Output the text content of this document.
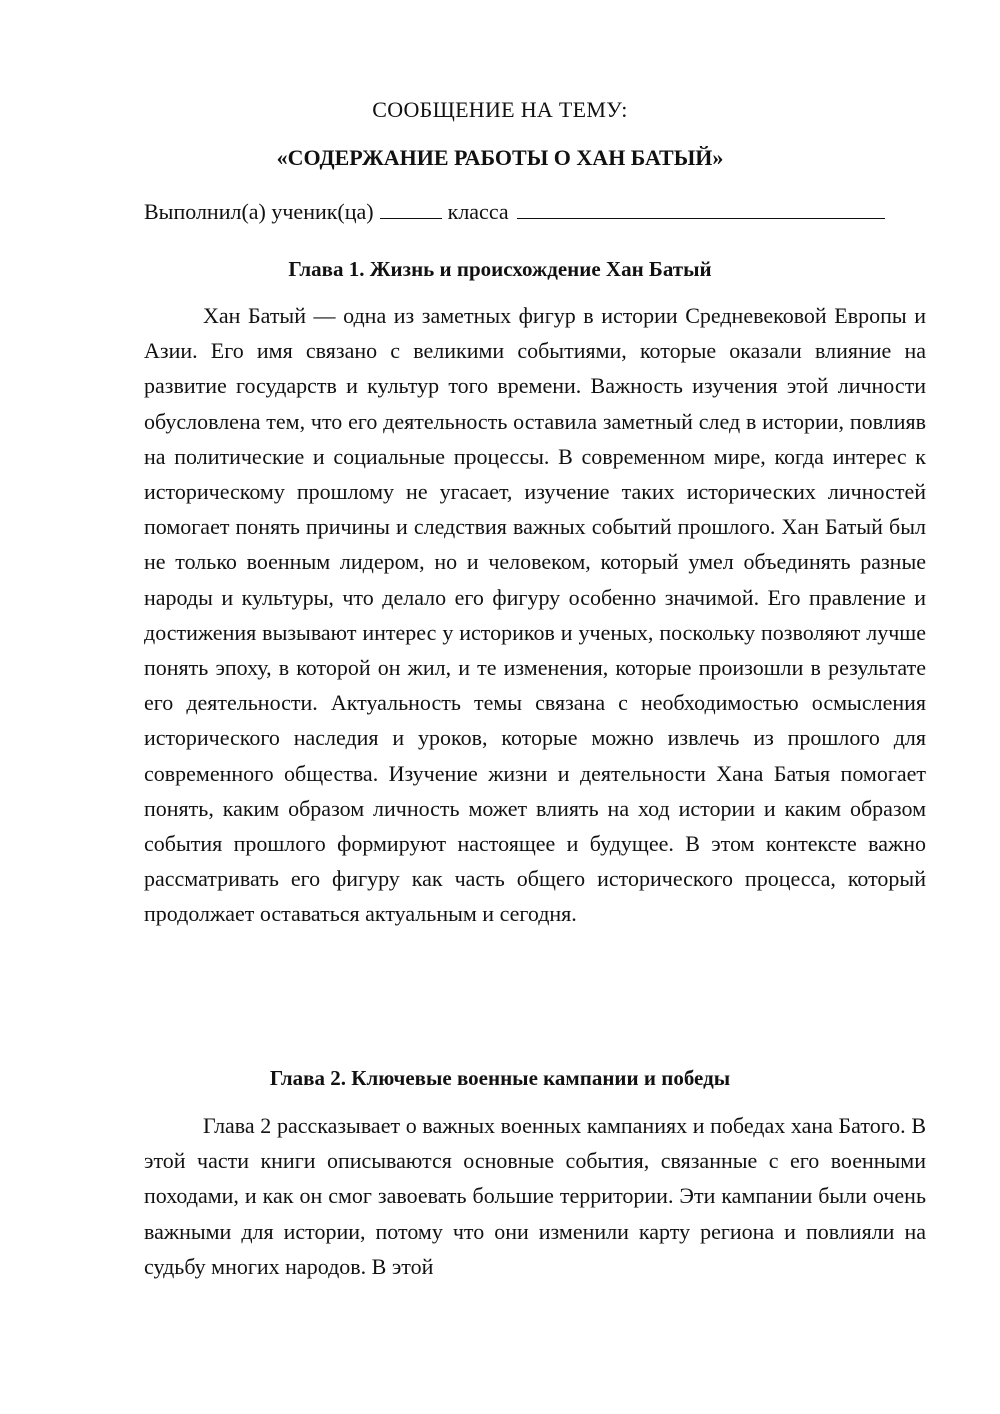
СООБЩЕНИЕ НА ТЕМУ:
«СОДЕРЖАНИЕ РАБОТЫ О ХАН БАТЫЙ»
Выполнил(а) ученик(ца)	класса
Глава 1. Жизнь и происхождение Хан Батый

Хан Батый — одна из заметных фигур в истории Средневековой Европы и Азии. Его имя связано с великими событиями, которые оказали влияние на развитие государств и культур того времени. Важность изучения этой личности обусловлена тем, что его деятельность оставила заметный след в истории, повлияв на политические и социальные процессы. В современном мире, когда интерес к историческому прошлому не угасает, изучение таких исторических личностей помогает понять причины и следствия важных событий прошлого. Хан Батый был не только военным лидером, но и человеком, который умел объединять разные народы и культуры, что делало его фигуру особенно значимой. Его правление и достижения вызывают интерес у историков и ученых, поскольку позволяют лучше понять эпоху, в которой он жил, и те изменения, которые произошли в результате его деятельности. Актуальность темы связана с необходимостью осмысления исторического наследия и уроков, которые можно извлечь из прошлого для современного общества. Изучение жизни и деятельности Хана Батыя помогает понять, каким образом личность может влиять на ход истории и каким образом события прошлого формируют настоящее и будущее. В этом контексте важно рассматривать его фигуру как часть общего исторического процесса, который продолжает оставаться актуальным и сегодня.

Глава 2. Ключевые военные кампании и победы

Глава 2 рассказывает о важных военных кампаниях и победах хана Батого. В этой части книги описываются основные события, связанные с его военными походами, и как он смог завоевать большие территории. Эти кампании были очень важными для истории, потому что они изменили карту региона и повлияли на судьбу многих народов. В этой
